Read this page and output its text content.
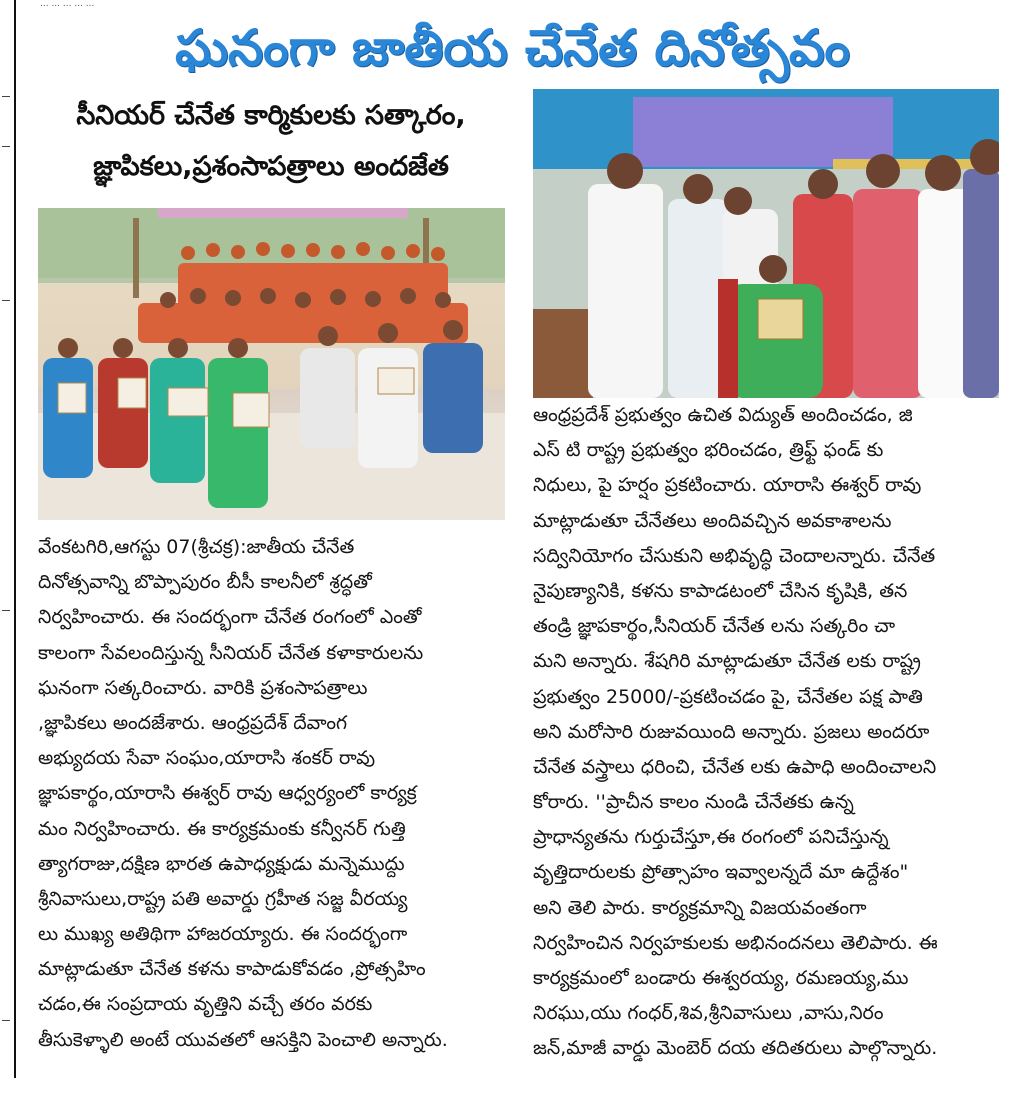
... ... ... ... ...
ఘనంగా జాతీయ చేనేత దినోత్సవం
సీనియర్ చేనేత కార్మికులకు సత్కారం,
జ్ఞాపికలు,ప్రశంసాపత్రాలు అందజేత
వేంకటగిరి,ఆగస్టు 07(శ్రీచక్ర):జాతీయ చేనేత
దినోత్సవాన్ని బొప్పాపురం బీసీ కాలనీలో శ్రద్ధతో
నిర్వహించారు. ఈ సందర్భంగా చేనేత రంగంలో ఎంతో
కాలంగా సేవలందిస్తున్న సీనియర్ చేనేత కళాకారులను
ఘనంగా సత్కరించారు. వారికి ప్రశంసాపత్రాలు
,జ్ఞాపికలు అందజేశారు. ఆంధ్రప్రదేశ్ దేవాంగ
అభ్యుదయ సేవా సంఘం,యారాసి శంకర్ రావు
జ్ఞాపకార్థం,యారాసి ఈశ్వర్ రావు ఆధ్వర్యంలో కార్యక్ర
మం నిర్వహించారు. ఈ కార్యక్రమంకు కన్వీనర్ గుత్తి
త్యాగరాజు,దక్షిణ భారత ఉపాధ్యక్షుడు మన్నెముద్దు
శ్రీనివాసులు,రాష్ట్ర పతి అవార్డు గ్రహీత సజ్జ వీరయ్య
లు ముఖ్య అతిథిగా హాజరయ్యారు. ఈ సందర్భంగా
మాట్లాడుతూ చేనేత కళను కాపాడుకోవడం ,ప్రోత్సహిం
చడం,ఈ సంప్రదాయ వృత్తిని వచ్చే తరం వరకు
తీసుకెళ్ళాలి అంటే యువతలో ఆసక్తిని పెంచాలి అన్నారు.
ఆంధ్రప్రదేశ్ ప్రభుత్వం ఉచిత విద్యుత్ అందించడం, జి
ఎస్ టి రాష్ట్ర ప్రభుత్వం భరించడం, త్రిఫ్ట్ ఫండ్ కు
నిధులు, పై హర్షం ప్రకటించారు. యారాసి ఈశ్వర్ రావు
మాట్లాడుతూ చేనేతలు అందివచ్చిన అవకాశాలను
సద్వినియోగం చేసుకుని అభివృద్ధి చెందాలన్నారు. చేనేత
నైపుణ్యానికి, కళను కాపాడటంలో చేసిన కృషికి, తన
తండ్రి జ్ఞాపకార్థం,సీనియర్ చేనేత లను సత్కరిం చా
మని అన్నారు. శేషగిరి మాట్లాడుతూ చేనేత లకు రాష్ట్ర
ప్రభుత్వం 25000/-ప్రకటించడం పై, చేనేతల పక్ష పాతి
అని మరోసారి రుజువయింది అన్నారు. ప్రజలు అందరూ
చేనేత వస్త్రాలు ధరించి, చేనేత లకు ఉపాధి అందించాలని
కోరారు. ''ప్రాచీన కాలం నుండి చేనేతకు ఉన్న
ప్రాధాన్యతను గుర్తుచేస్తూ,ఈ రంగంలో పనిచేస్తున్న
వృత్తిదారులకు ప్రోత్సాహం ఇవ్వాలన్నదే మా ఉద్దేశం"
అని తెలి పారు. కార్యక్రమాన్ని విజయవంతంగా
నిర్వహించిన నిర్వహకులకు అభినందనలు తెలిపారు. ఈ
కార్యక్రమంలో బండారు ఈశ్వరయ్య, రమణయ్య,ము
నిరఘు,యు గంధర్,శివ,శ్రీనివాసులు ,వాసు,నిరం
జన్,మాజీ వార్డు మెంబెర్ దయ తదితరులు పాల్గొన్నారు.
